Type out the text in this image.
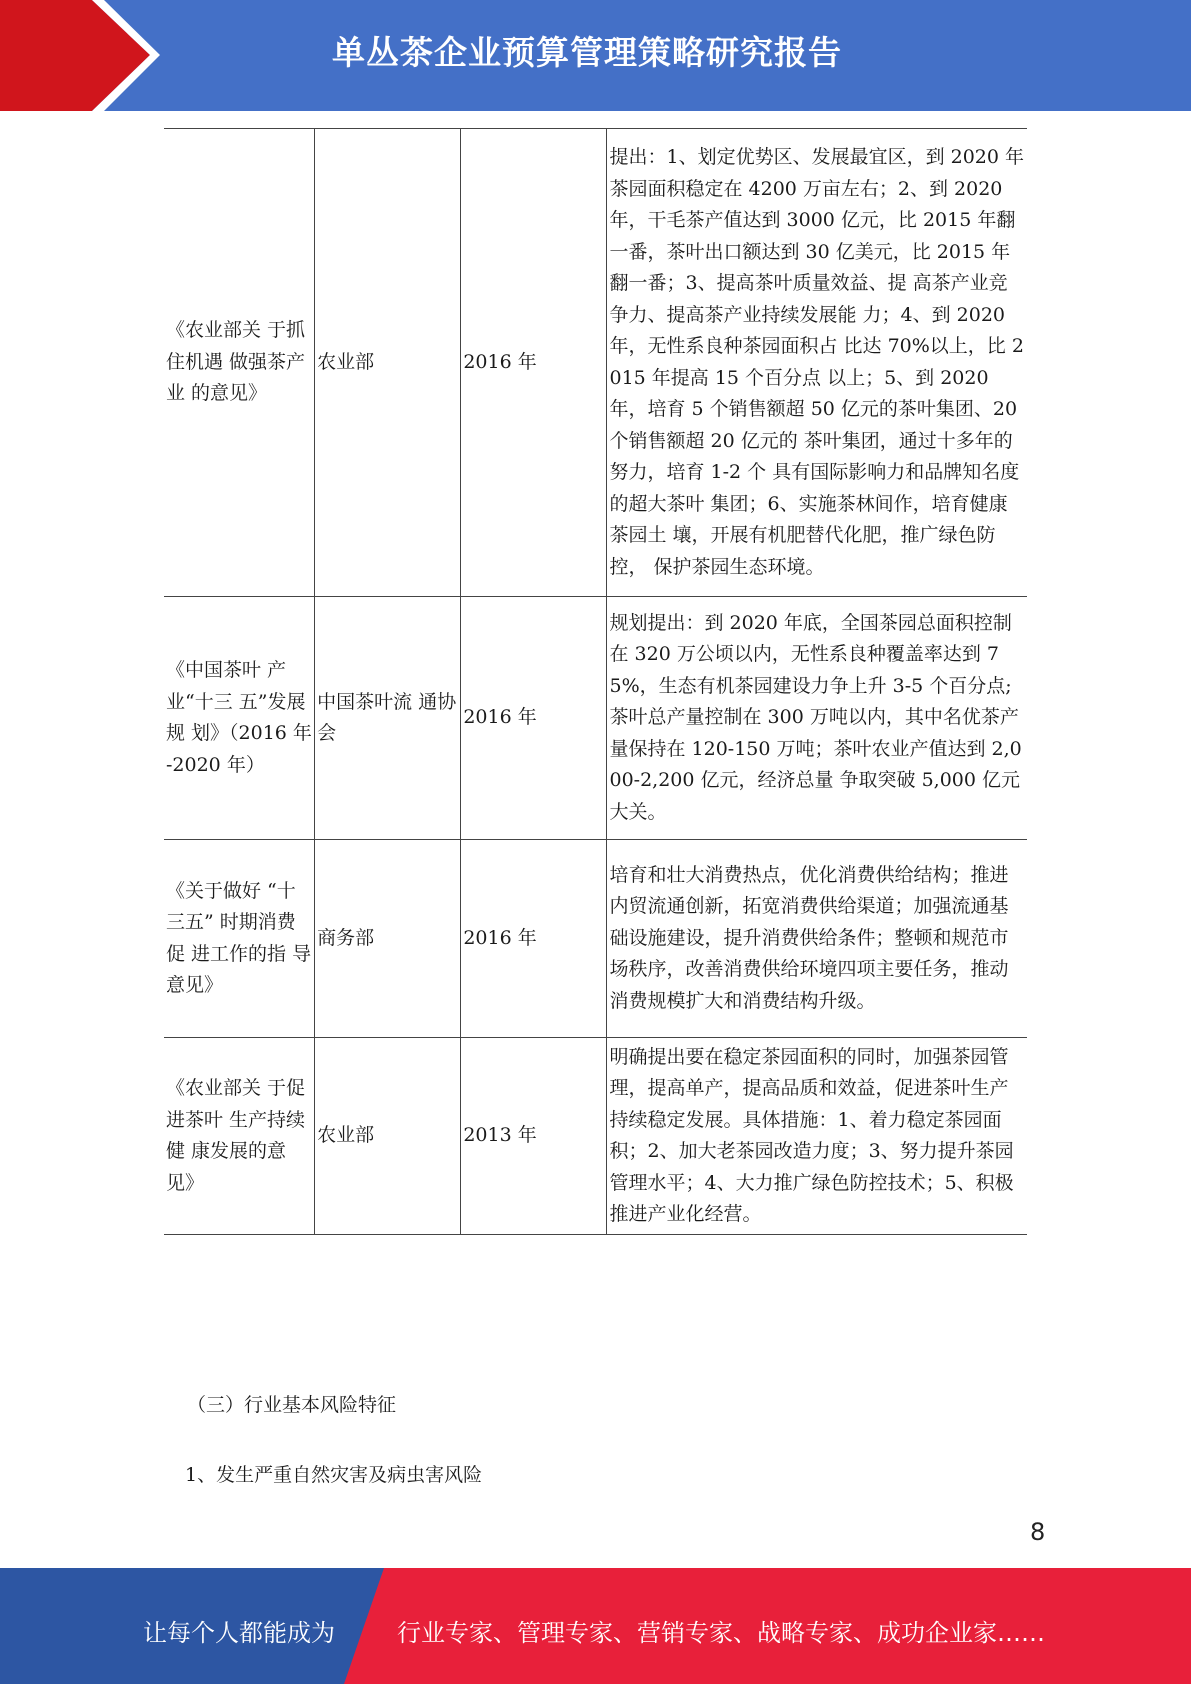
单丛茶企业预算管理策略研究报告
《农业部关 于抓住机遇 做强茶产业 的意见》	农业部	2016 年	提出：1、划定优势区、发展最宜区，到 2020 年茶园面积稳定在 4200 万亩左右；2、到 2020 年，干毛茶产值达到 3000 亿元，比 2015 年翻一番，茶叶出口额达到 30 亿美元，比 2015 年翻一番；3、提高茶叶质量效益、提 高茶产业竞争力、提高茶产业持续发展能 力；4、到 2020 年，无性系良种茶园面积占 比达 70%以上，比 2015 年提高 15 个百分点 以上；5、到 2020 年，培育 5 个销售额超 50 亿元的茶叶集团、20 个销售额超 20 亿元的 茶叶集团，通过十多年的努力，培育 1-2 个 具有国际影响力和品牌知名度的超大茶叶 集团；6、实施茶林间作，培育健康茶园土 壤，开展有机肥替代化肥，推广绿色防控， 保护茶园生态环境。
《中国茶叶 产业“十三 五”发展规 划》（2016 年 -2020 年）	中国茶叶流 通协会	2016 年	规划提出：到 2020 年底，全国茶园总面积控制在 320 万公顷以内，无性系良种覆盖率达到 75%，生态有机茶园建设力争上升 3-5 个百分点;茶叶总产量控制在 300 万吨以内，其中名优茶产量保持在 120-150 万吨；茶叶农业产值达到 2,000-2,200 亿元，经济总量 争取突破 5,000 亿元大关。
《关于做好 “十三五” 时期消费促 进工作的指 导意见》	商务部	2016 年	培育和壮大消费热点，优化消费供给结构；推进内贸流通创新，拓宽消费供给渠道；加强流通基础设施建设，提升消费供给条件；整顿和规范市场秩序，改善消费供给环境四项主要任务，推动消费规模扩大和消费结构升级。
《农业部关 于促进茶叶 生产持续健 康发展的意 见》	农业部	2013 年	明确提出要在稳定茶园面积的同时，加强茶园管理，提高单产，提高品质和效益，促进茶叶生产持续稳定发展。具体措施：1、着力稳定茶园面积；2、加大老茶园改造力度；3、努力提升茶园管理水平；4、大力推广绿色防控技术；5、积极推进产业化经营。
（三）行业基本风险特征
1、发生严重自然灾害及病虫害风险
8
让每个人都能成为	行业专家、管理专家、营销专家、战略专家、成功企业家……
